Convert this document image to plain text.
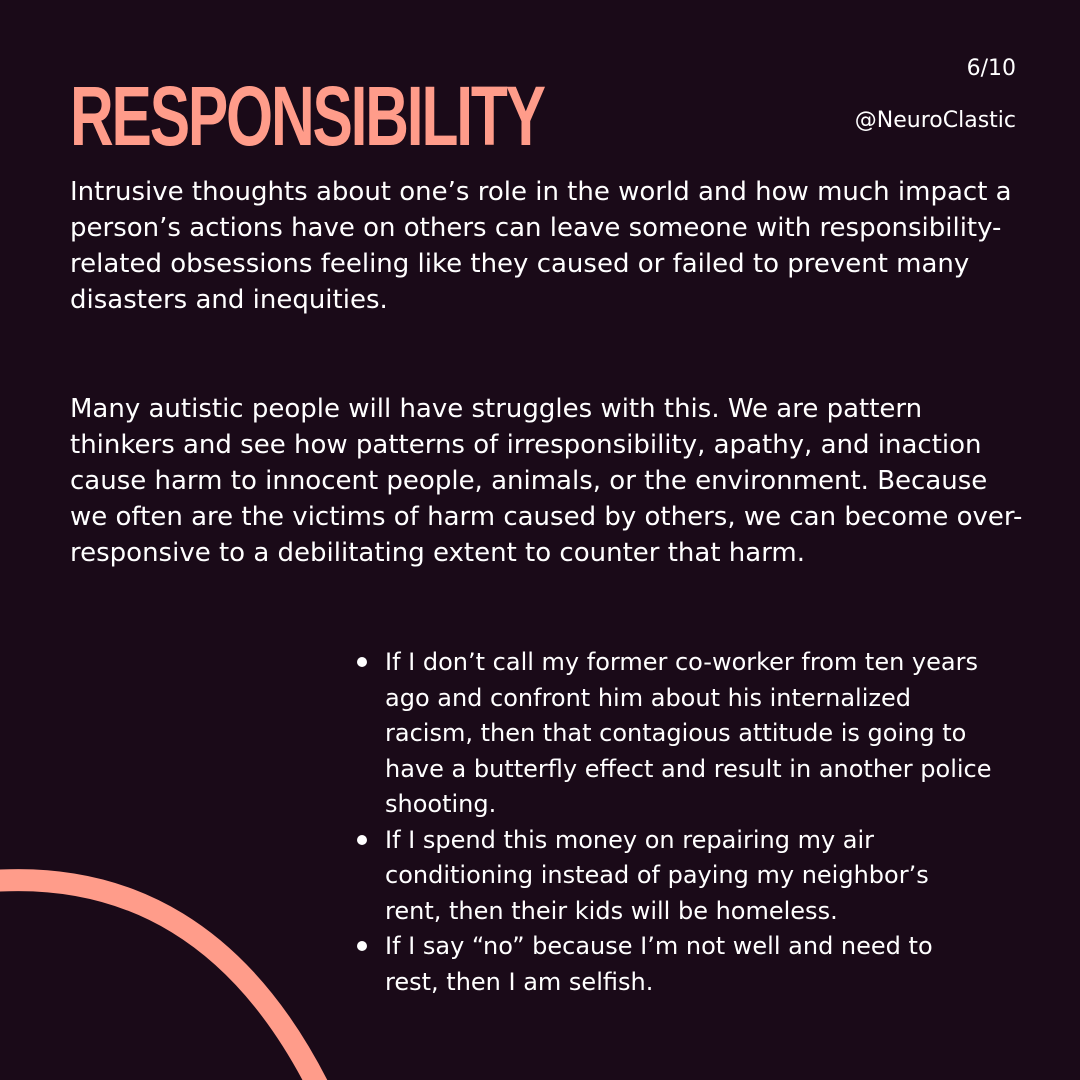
RESPONSIBILITY
6/10
@NeuroClastic

Intrusive thoughts about one’s role in the world and how much impact a person’s actions have on others can leave someone with responsibility-related obsessions feeling like they caused or failed to prevent many disasters and inequities.

Many autistic people will have struggles with this. We are pattern thinkers and see how patterns of irresponsibility, apathy, and inaction cause harm to innocent people, animals, or the environment. Because we often are the victims of harm caused by others, we can become over-responsive to a debilitating extent to counter that harm.

If I don’t call my former co-worker from ten years ago and confront him about his internalized racism, then that contagious attitude is going to have a butterfly effect and result in another police shooting.
If I spend this money on repairing my air conditioning instead of paying my neighbor’s rent, then their kids will be homeless.
If I say “no” because I’m not well and need to rest, then I am selfish.
